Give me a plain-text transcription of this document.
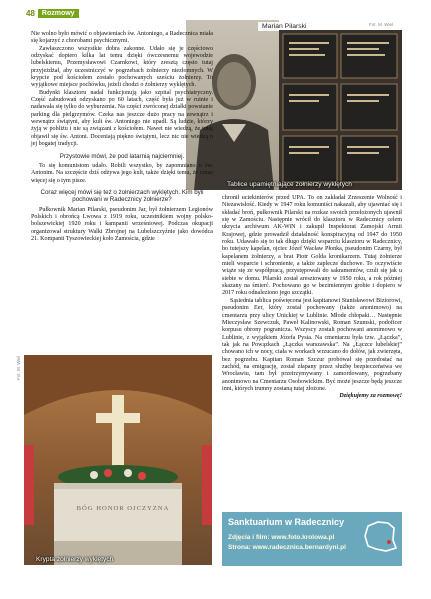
48	Rozmowy
Marian Pilarski	Fot. M. Wiel
Tablice upamiętniające żołnierzy wyklętych

Nie wolno było mówić o objawieniach św. Antoniego, a Radecznica miała się kojarzyć z chorobami psychicznymi.

Zawłaszczono wszystkie dobra zakonne. Udało się je częściowo odzyskać dopiero kilka lat temu dzięki ówczesnemu wojewodzie lubelskiemu, Przemysławowi Czarnkowi, który zresztą często tutaj przyjeżdżał, aby uczestniczyć w pogrzebach żołnierzy niezłomnych. W krypcie pod kościołem zostało pochowanych sześciu żołnierzy. To wyjątkowe miejsce pochówku, jeżeli chodzi o żołnierzy wyklętych.

Budynki klasztoru nadal funkcjonują jako szpital psychiatryczny. Część zabudowań odzyskano po 60 latach, część była już w ruinie i nadawała się tylko do wyburzenia. Na części zwróconej działki powstanie parking dla pielgrzymów. Czeka nas jeszcze dużo pracy na zewnątrz i wewnątrz świątyni, aby kult św. Antoniego nie upadł. Są ludzie, którzy żyją w pobliżu i nie są związani z kościołem. Nawet nie wiedzą, że tutaj objawił się św. Antoni. Doceniają piękno świątyni, lecz nic nie wiedzą o jej bogatej tradycji.

Przystowie mówi, że pod latarnią najciemniej.

To się komunistom udało. Robili wszystko, by zapomniano o św. Antonim. Na szczęście dziś odżywa jego kult, także dzięki temu, że coraz więcej się o tym pisze.

Coraz więcej mówi się też o żołnierzach wyklętych. Kim byli pochowani w Radecznicy żołnierze?

Pułkownik Marian Pilarski, pseudonim Jar, był żołnierzem Legionów Polskich i obrońcą Lwowa z 1919 roku, uczestnikiem wojny polsko-bolszewickiej 1920 roku i kampanii wrześniowej. Podczas okupacji organizował struktury Walki Zbrojnej na Lubelszczyźnie jako dowódca 21. Kompanii Tyszowieckiej koło Zamościa, gdzie

BÓG HONOR OJCZYZNA
Fot. M. Wiel
Krypta żołnierzy wyklętych

chronił uciekinierów przed UPA. To on zakładał Zrzeszenie Wolność i Niezawisłość. Kiedy w 1947 roku komuniści nakazali, aby ujawniać się i składać broń, pułkownik Pilarski na rozkaz swoich przełożonych ujawnił się w Zamościu. Następnie wrócił do klasztoru w Radecznicy celem ukrycia archiwum AK-WiN i zakupił Inspektorat Zamojski Armii Krajowej, gdzie prowadził działalność konspiracyjną od 1947 do 1950 roku. Udawało się to tak długo dzięki wsparciu klasztoru w Radecznicy, bo tutejszy kapelan, ojciec Józef Wacław Płonka, pseudonim Czarny, był kapelanem żołnierzy, a brat Piotr Golda kronikarzem. Tutaj żołnierze mieli wsparcie i schronienie, a także zaplecze duchowe. To oczywiście wiąże się ze współpracą, przystępowali do sakramentów, czuli się jak u siebie w domu. Pilarski został aresztowany w 1950 roku, a rok później skazany na śmierć. Pochowano go w bezimiennym grobie i dopiero w 2017 roku odnaleziono jego szczątki.

Sąsiednia tablica poświęcona jest kapitanowi Stanisławowi Biziorowi, pseudonim Eer, który został pochowany (także anonimowo) na cmentarzu przy ulicy Unickiej w Lublinie. Młode chłopaki… Następnie Mieczysław Szewczuk, Paweł Kalinowski, Roman Szumski, podoficer korpusu obrony pogranicza. Wszyscy zostali pochowani anonimowo w Lublinie, z wyjątkiem Józefa Pysia. Na cmentarzu była tzw. „Łączka”, tak jak na Powązkach „Łączka warszawska”. Na „Łączce lubelskiej” chowano ich w nocy, ciała w workach wrzucano do dołów, jak zwierzęta, bez pogrzebu. Kapitan Roman Szczur probował się przedostać na zachód, na emigrację, został złapany przez służbę bezpieczeństwa we Wrocławiu, tam był przetrzymywany i zamordowany, pogrzebany anonimowo na Cmentarzu Osobowickim. Być może jeszcze będą jeszcze inni, których trumny zostaną tutaj złożone.

Dziękujemy za rozmowę!

Sanktuarium w Radecznicy
Zdjęcia i film: www.foto.krolowa.pl
Strona: www.radecznica.bernardyni.pl
